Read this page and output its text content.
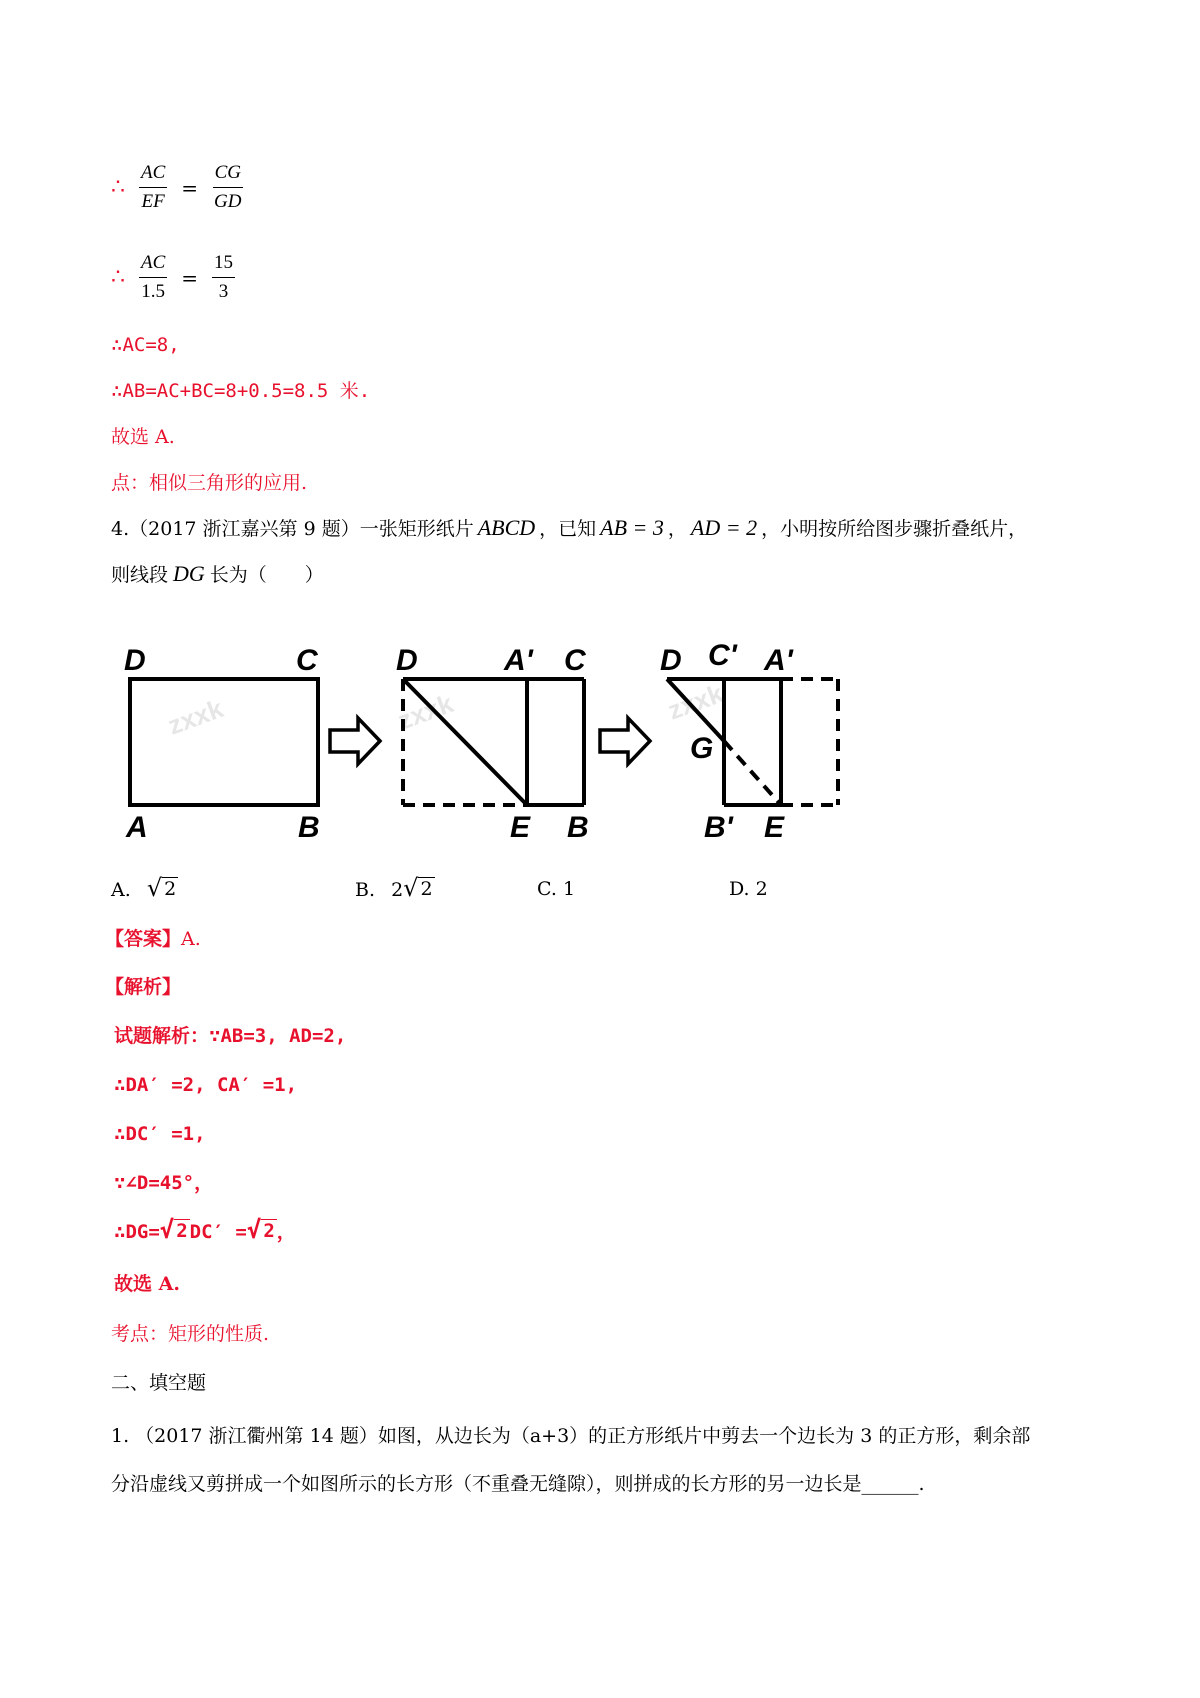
∴ $\frac{AC}{EF} = \frac{CG}{GD}$
∴ $\frac{AC}{1.5} = \frac{15}{3}$
∴AC=8,
∴AB=AC+BC=8+0.5=8.5 米.
故选 A.
点：相似三角形的应用.
4.（2017 浙江嘉兴第 9 题）一张矩形纸片 ABCD ，已知 AB = 3 ， AD = 2 ，小明按所给图步骤折叠纸片，
则线段 DG 长为（　　）
zxxk	zxxk	zxxk
D	C
A	B
D	A' C
E B
D C' A'
G
B' E
A. √ 2	B. 2 √ 2	C. 1	D. 2
【答案】A.
【解析】
试题解析：∵AB=3, AD=2,
∴DA′ =2, CA′ =1,
∴DC′ =1,
∵∠D=45°，
∴DG= √ 2 DC′ = √ 2 ，
故选 A.
考点：矩形的性质.
二、填空题
1. （2017 浙江衢州第 14 题）如图，从边长为（a+3）的正方形纸片中剪去一个边长为 3 的正方形，剩余部
分沿虚线又剪拼成一个如图所示的长方形（不重叠无缝隙），则拼成的长方形的另一边长是______.
